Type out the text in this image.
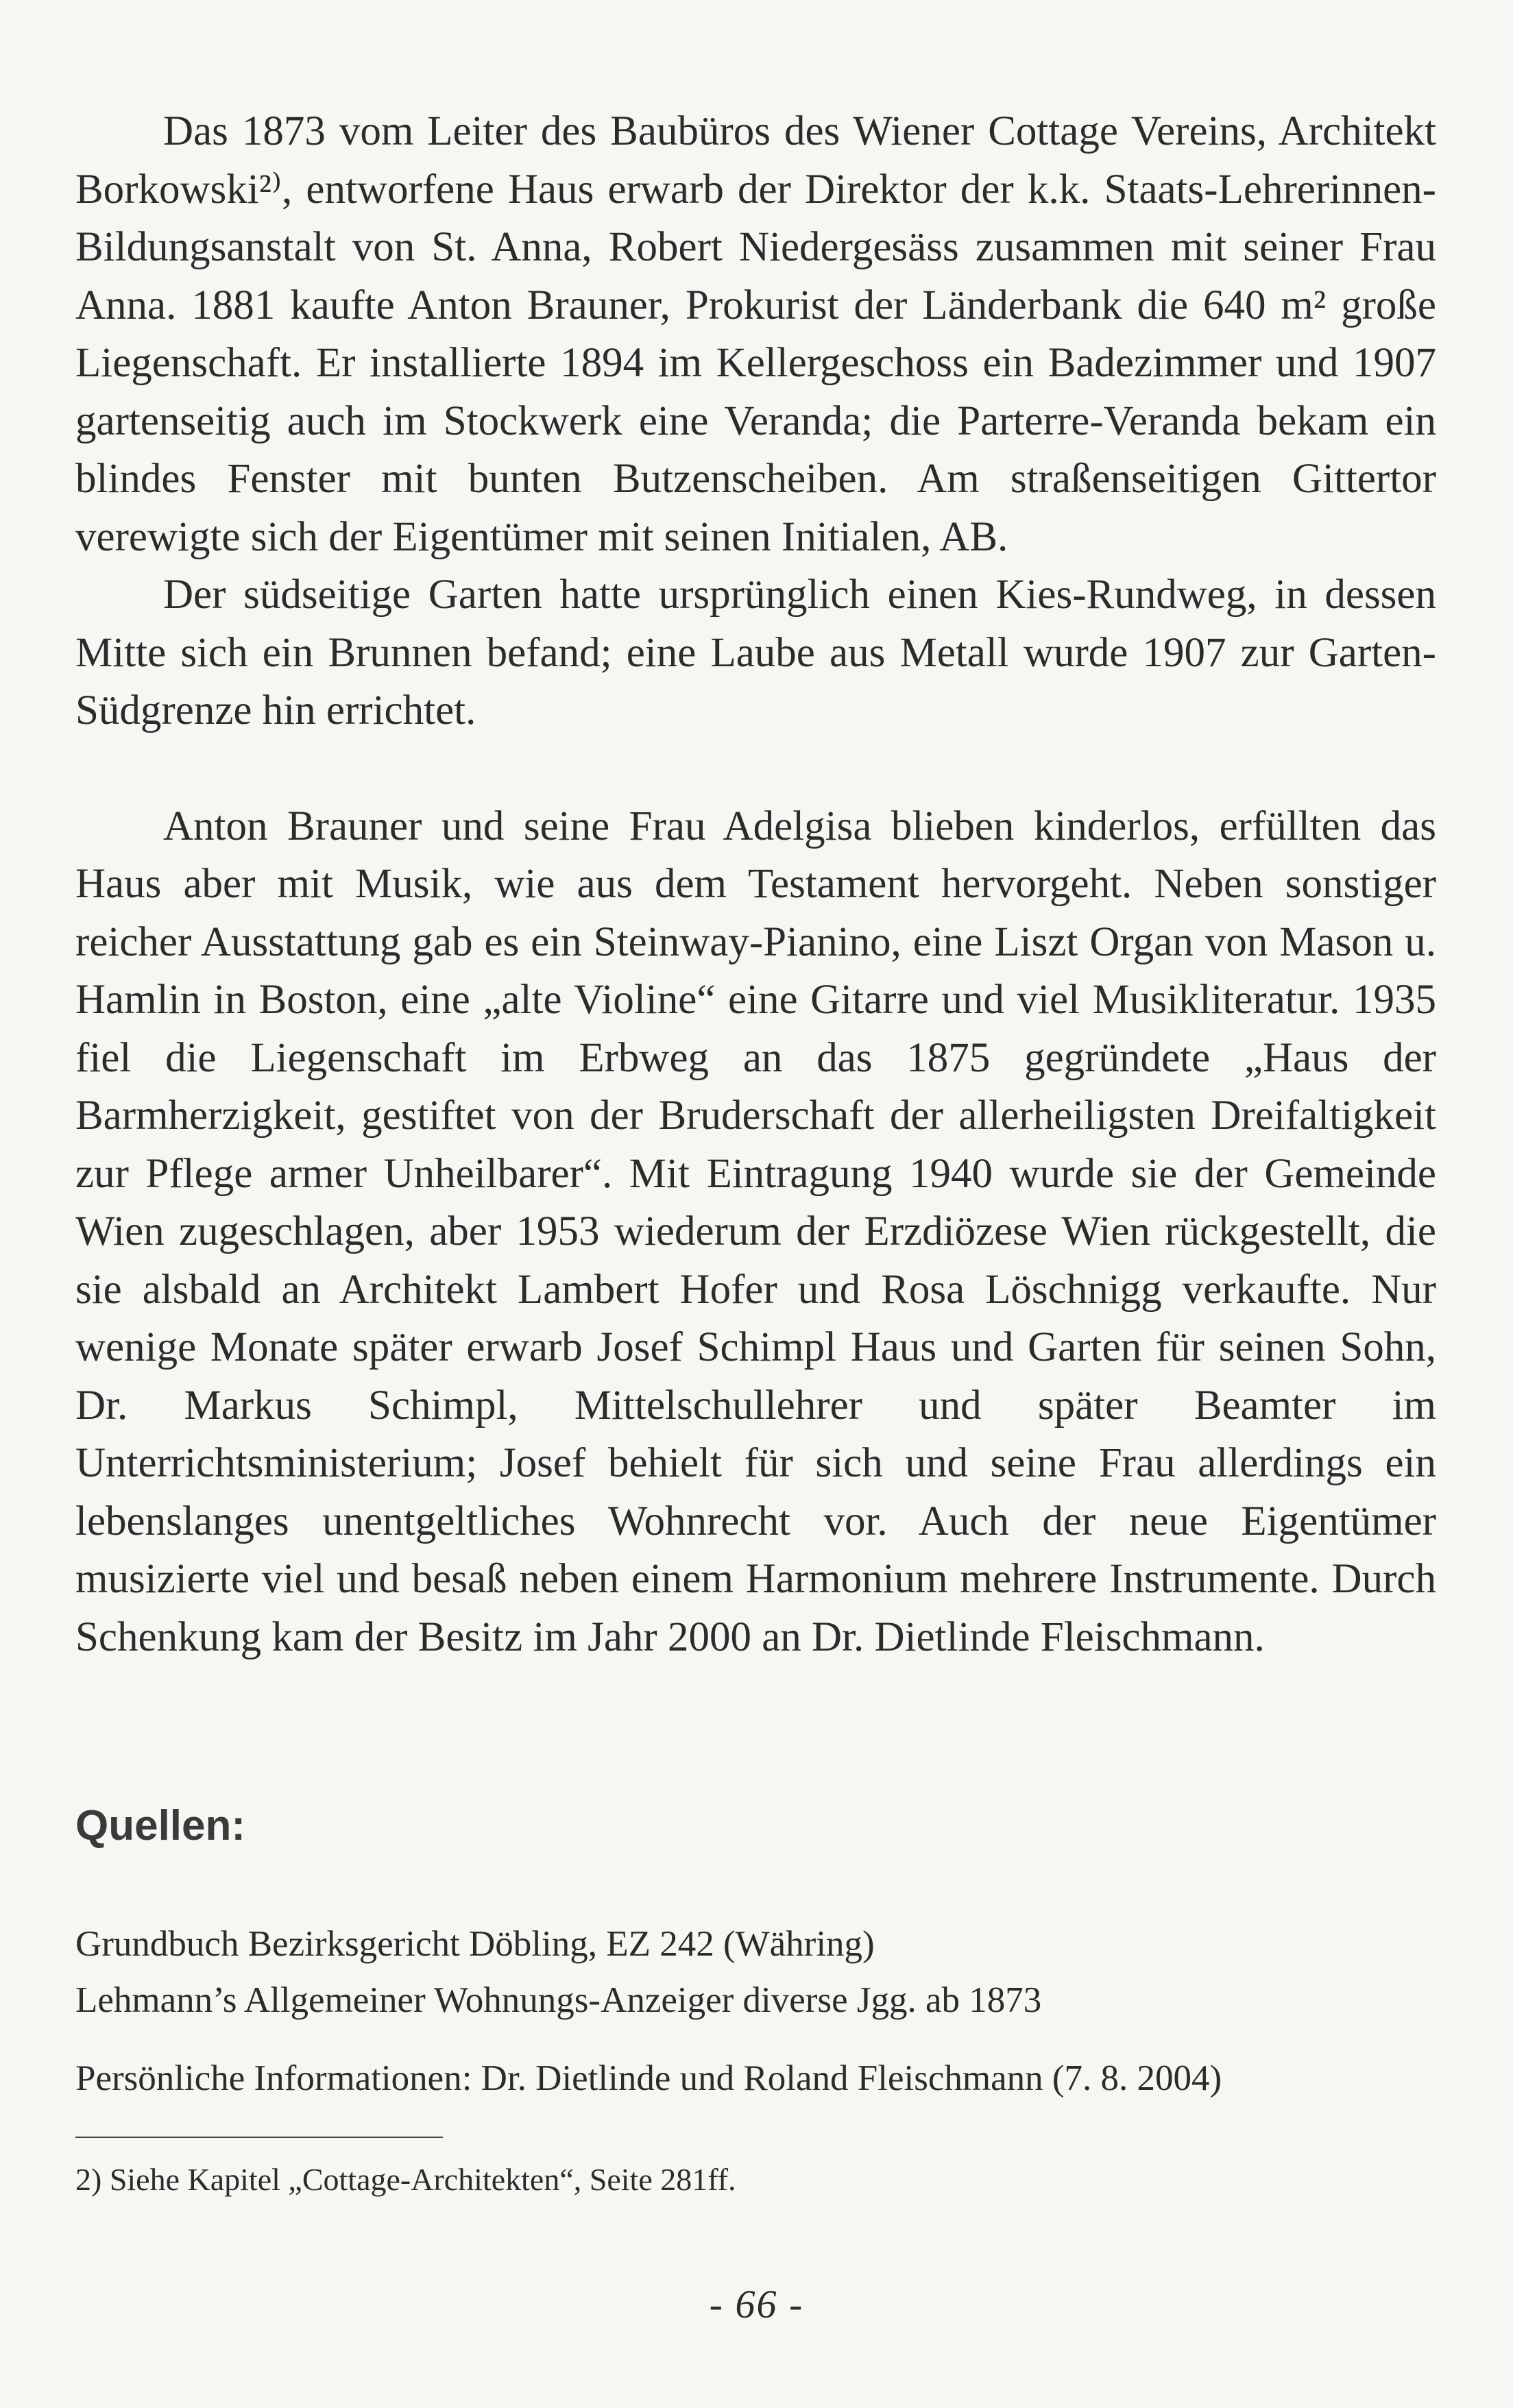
Das 1873 vom Leiter des Baubüros des Wiener Cottage Vereins, Architekt Borkowski²⁾, entworfene Haus erwarb der Direktor der k.k. Staats-Lehrerinnen-Bildungsanstalt von St. Anna, Robert Niedergesäss zusammen mit seiner Frau Anna. 1881 kaufte Anton Brauner, Prokurist der Länderbank die 640 m² große Liegenschaft. Er installierte 1894 im Kellergeschoss ein Badezimmer und 1907 gartenseitig auch im Stockwerk eine Veranda; die Parterre-Veranda bekam ein blindes Fenster mit bunten Butzenscheiben. Am straßenseitigen Gittertor verewigte sich der Eigentümer mit seinen Initialen, AB.

Der südseitige Garten hatte ursprünglich einen Kies-Rundweg, in dessen Mitte sich ein Brunnen befand; eine Laube aus Metall wurde 1907 zur Garten-Südgrenze hin errichtet.

Anton Brauner und seine Frau Adelgisa blieben kinderlos, erfüllten das Haus aber mit Musik, wie aus dem Testament hervorgeht. Neben sonstiger reicher Ausstattung gab es ein Steinway-Pianino, eine Liszt Organ von Mason u. Hamlin in Boston, eine „alte Violine“ eine Gitarre und viel Musikliteratur. 1935 fiel die Liegenschaft im Erbweg an das 1875 gegründete „Haus der Barmherzigkeit, gestiftet von der Bruderschaft der allerheiligsten Dreifaltigkeit zur Pflege armer Unheilbarer“. Mit Eintragung 1940 wurde sie der Gemeinde Wien zugeschlagen, aber 1953 wiederum der Erzdiözese Wien rückgestellt, die sie alsbald an Architekt Lambert Hofer und Rosa Löschnigg verkaufte. Nur wenige Monate später erwarb Josef Schimpl Haus und Garten für seinen Sohn, Dr. Markus Schimpl, Mittelschullehrer und später Beamter im Unterrichtsministerium; Josef behielt für sich und seine Frau allerdings ein lebenslanges unentgeltliches Wohnrecht vor. Auch der neue Eigentümer musizierte viel und besaß neben einem Harmonium mehrere Instrumente. Durch Schenkung kam der Besitz im Jahr 2000 an Dr. Dietlinde Fleischmann.

Quellen:
Grundbuch Bezirksgericht Döbling, EZ 242 (Währing)
Lehmann’s Allgemeiner Wohnungs-Anzeiger diverse Jgg. ab 1873
Persönliche Informationen: Dr. Dietlinde und Roland Fleischmann (7. 8. 2004)
2) Siehe Kapitel „Cottage-Architekten“, Seite 281ff.
- 66 -
